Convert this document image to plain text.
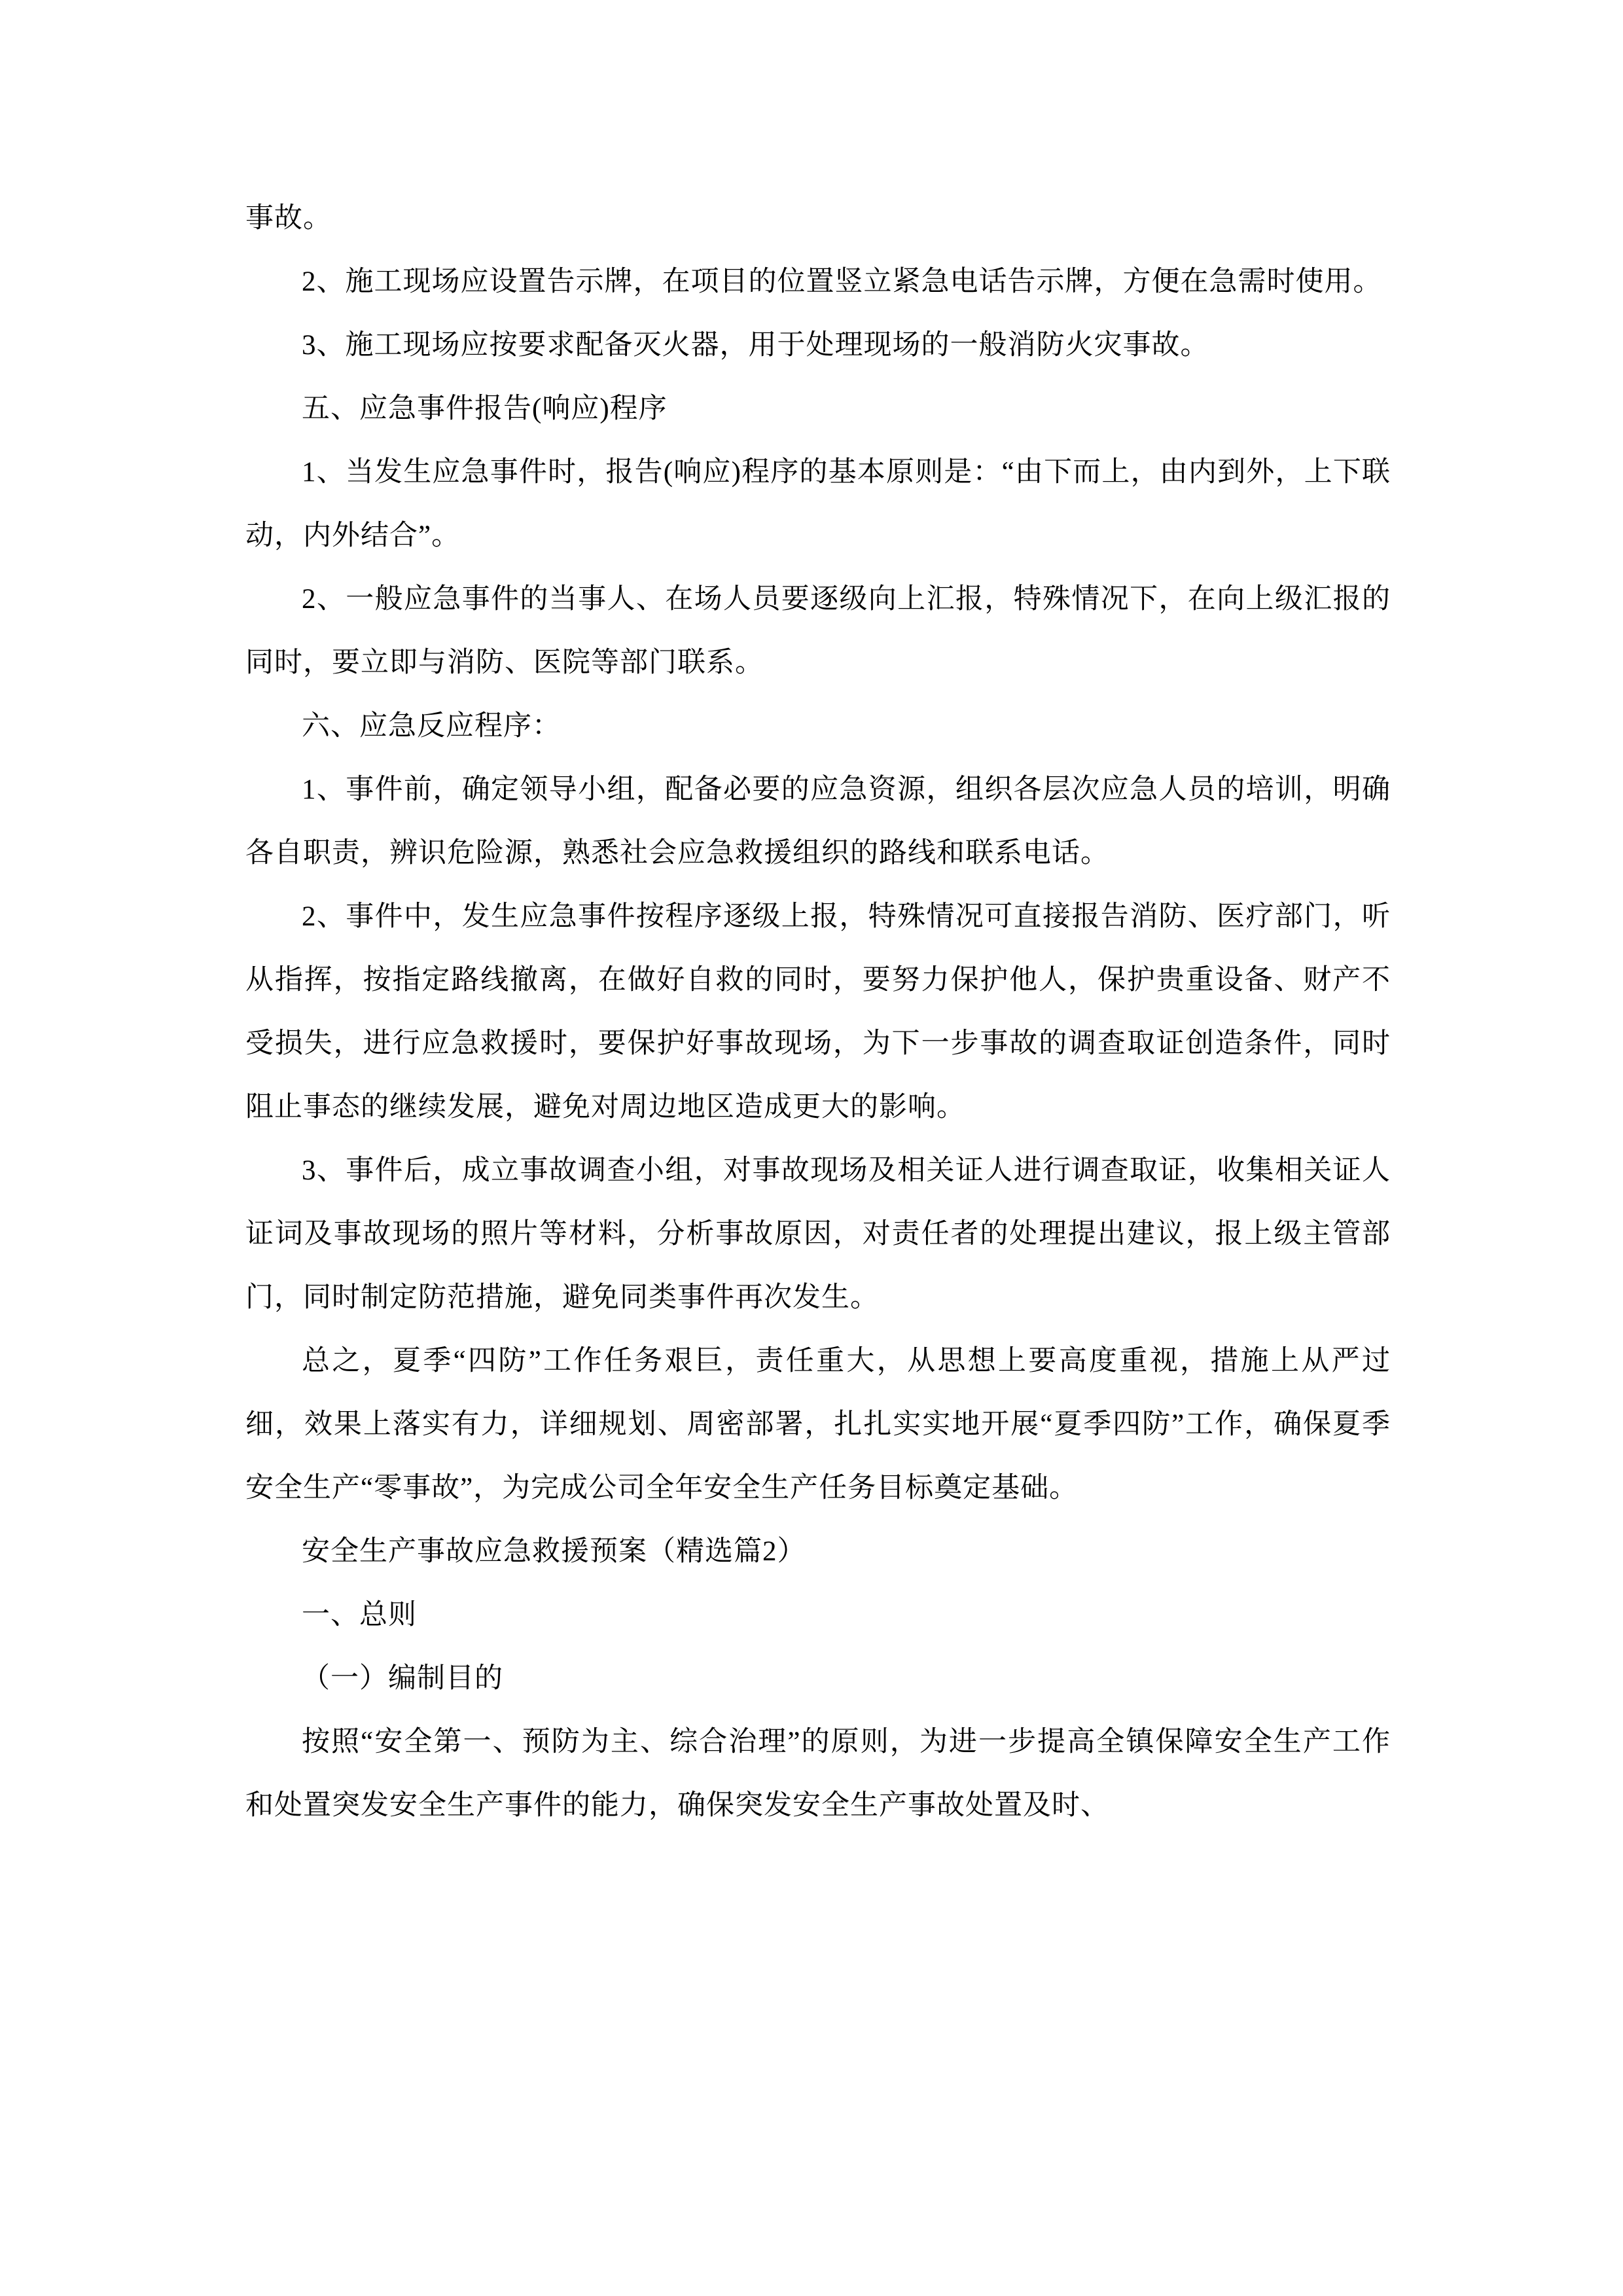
事故。

2、施工现场应设置告示牌，在项目的位置竖立紧急电话告示牌，方便在急需时使用。

3、施工现场应按要求配备灭火器，用于处理现场的一般消防火灾事故。

五、应急事件报告(响应)程序

1、当发生应急事件时，报告(响应)程序的基本原则是：“由下而上，由内到外，上下联动，内外结合”。

2、一般应急事件的当事人、在场人员要逐级向上汇报，特殊情况下，在向上级汇报的同时，要立即与消防、医院等部门联系。

六、应急反应程序：

1、事件前，确定领导小组，配备必要的应急资源，组织各层次应急人员的培训，明确各自职责，辨识危险源，熟悉社会应急救援组织的路线和联系电话。

2、事件中，发生应急事件按程序逐级上报，特殊情况可直接报告消防、医疗部门，听从指挥，按指定路线撤离，在做好自救的同时，要努力保护他人，保护贵重设备、财产不受损失，进行应急救援时，要保护好事故现场，为下一步事故的调查取证创造条件，同时阻止事态的继续发展，避免对周边地区造成更大的影响。

3、事件后，成立事故调查小组，对事故现场及相关证人进行调查取证，收集相关证人证词及事故现场的照片等材料，分析事故原因，对责任者的处理提出建议，报上级主管部门，同时制定防范措施，避免同类事件再次发生。

总之，夏季“四防”工作任务艰巨，责任重大，从思想上要高度重视，措施上从严过细，效果上落实有力，详细规划、周密部署，扎扎实实地开展“夏季四防”工作，确保夏季安全生产“零事故”，为完成公司全年安全生产任务目标奠定基础。

安全生产事故应急救援预案（精选篇2）

一、总则

（一）编制目的

按照“安全第一、预防为主、综合治理”的原则，为进一步提高全镇保障安全生产工作和处置突发安全生产事件的能力，确保突发安全生产事故处置及时、
